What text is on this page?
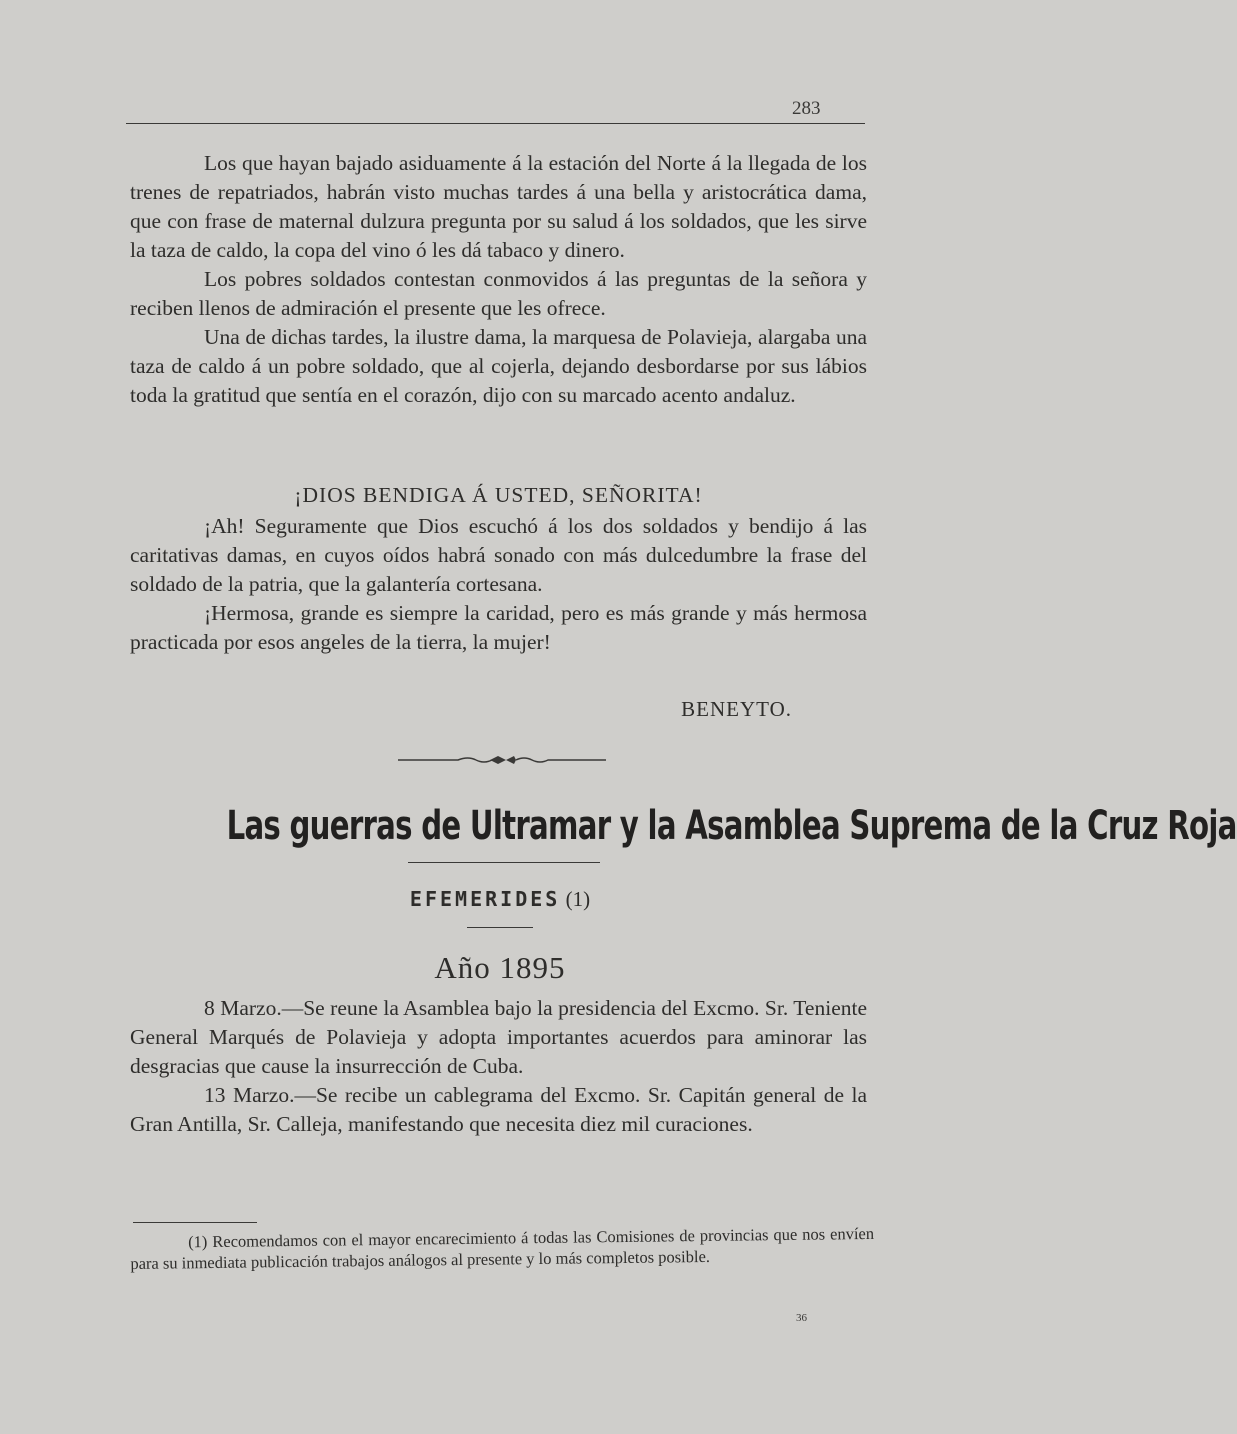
283

Los que hayan bajado asiduamente á la estación del Norte á la llegada de los trenes de repatriados, habrán visto muchas tardes á una bella y aristocrática dama, que con frase de maternal dulzura pregunta por su salud á los soldados, que les sirve la taza de caldo, la copa del vino ó les dá tabaco y dinero.

Los pobres soldados contestan conmovidos á las preguntas de la señora y reciben llenos de admiración el presente que les ofrece.

Una de dichas tardes, la ilustre dama, la marquesa de Polavieja, alargaba una taza de caldo á un pobre soldado, que al cojerla, dejando desbordarse por sus lábios toda la gratitud que sentía en el corazón, dijo con su marcado acento andaluz.

¡DIOS BENDIGA Á USTED, SEÑORITA!

¡Ah! Seguramente que Dios escuchó á los dos soldados y bendijo á las caritativas damas, en cuyos oídos habrá sonado con más dulcedumbre la frase del soldado de la patria, que la galantería cortesana.

¡Hermosa, grande es siempre la caridad, pero es más grande y más hermosa practicada por esos angeles de la tierra, la mujer!

BENEYTO.
Las guerras de Ultramar y la Asamblea Suprema de la Cruz Roja
EFEMERIDES (1)
Año 1895

8 Marzo.—Se reune la Asamblea bajo la presidencia del Excmo. Sr. Teniente General Marqués de Polavieja y adopta importantes acuerdos para aminorar las desgracias que cause la insurrección de Cuba.

13 Marzo.—Se recibe un cablegrama del Excmo. Sr. Capitán general de la Gran Antilla, Sr. Calleja, manifestando que necesita diez mil curaciones.

(1) Recomendamos con el mayor encarecimiento á todas las Comisiones de provincias que nos envíen para su inmediata publicación trabajos análogos al presente y lo más completos posible.

36
